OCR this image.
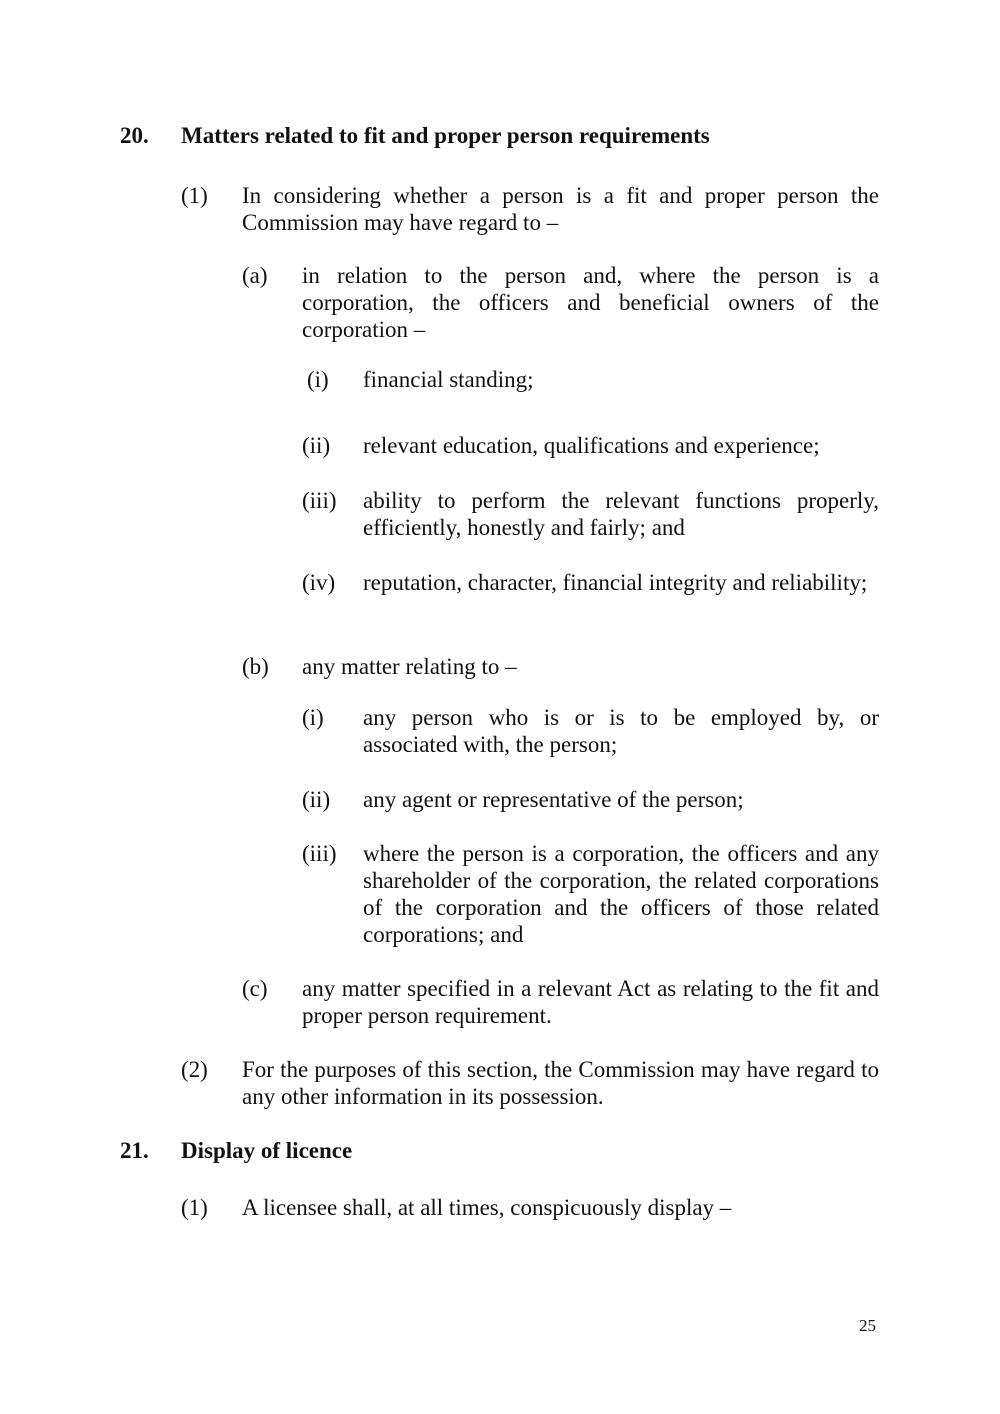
20. Matters related to fit and proper person requirements
(1) In considering whether a person is a fit and proper person the Commission may have regard to –
(a) in relation to the person and, where the person is a corporation, the officers and beneficial owners of the corporation –
(i) financial standing;
(ii) relevant education, qualifications and experience;
(iii) ability to perform the relevant functions properly, efficiently, honestly and fairly; and
(iv) reputation, character, financial integrity and reliability;
(b) any matter relating to –
(i) any person who is or is to be employed by, or associated with, the person;
(ii) any agent or representative of the person;
(iii) where the person is a corporation, the officers and any shareholder of the corporation, the related corporations of the corporation and the officers of those related corporations; and
(c) any matter specified in a relevant Act as relating to the fit and proper person requirement.
(2) For the purposes of this section, the Commission may have regard to any other information in its possession.
21. Display of licence
(1) A licensee shall, at all times, conspicuously display –
25
